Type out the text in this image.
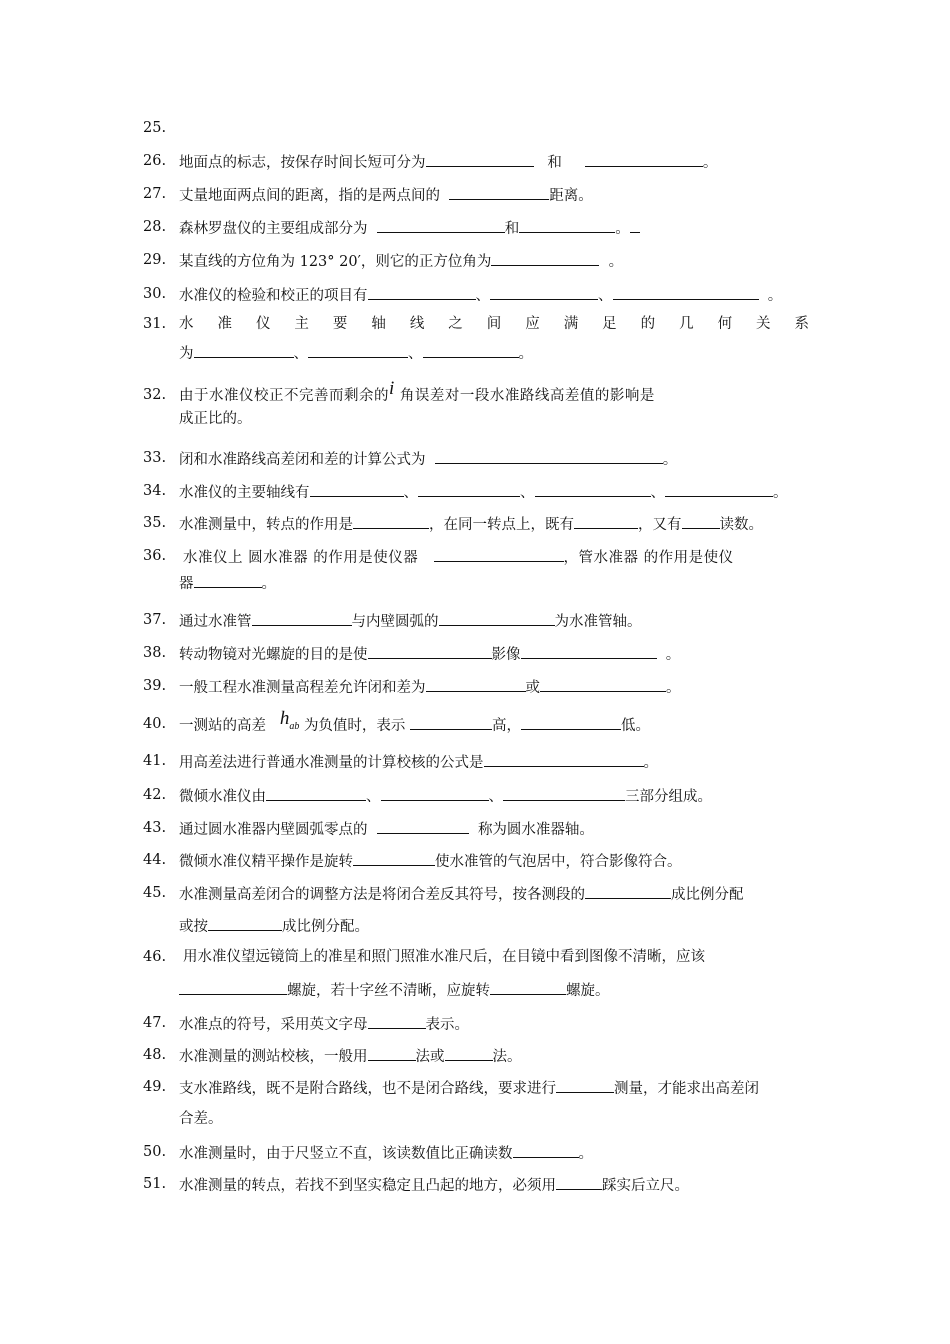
25.
26. 地面点的标志，按保存时间长短可分为	和	。
27. 丈量地面两点间的距离，指的是两点间的	距离。
28. 森林罗盘仪的主要组成部分为	和	。
29. 某直线的方位角为 123° 20′，则它的正方位角为	。
30. 水准仪的检验和校正的项目有	、	、	。
31. 水 准 仪 主 要 轴 线 之 间 应 满 足 的 几 何 关 系
为	、	、	。
32. 由于水准仪校正不完善而剩余的i 角误差对一段水准路线高差值的影响是
成正比的。
33. 闭和水准路线高差闭和差的计算公式为	。
34. 水准仪的主要轴线有	、	、	、	。
35. 水准测量中，转点的作用是	，在同一转点上，既有	，又有	读数。
36. 水准仪上 圆水准器 的作用是使仪器	，管水准器 的作用是使仪
器	。
37. 通过水准管	与内壁圆弧的	为水准管轴。
38. 转动物镜对光螺旋的目的是使	影像	。
39. 一般工程水准测量高程差允许闭和差为	或	。
40. 一测站的高差 $h_{ab}$ 为负值时，表示	高，	低。
41. 用高差法进行普通水准测量的计算校核的公式是	。
42. 微倾水准仪由	、	、	三部分组成。
43. 通过圆水准器内壁圆弧零点的	称为圆水准器轴。
44. 微倾水准仪精平操作是旋转	使水准管的气泡居中，符合影像符合。
45. 水准测量高差闭合的调整方法是将闭合差反其符号，按各测段的	成比例分配
或按	成比例分配。
46. 用水准仪望远镜筒上的准星和照门照准水准尺后，在目镜中看到图像不清晰，应该
螺旋，若十字丝不清晰，应旋转	螺旋。
47. 水准点的符号，采用英文字母	表示。
48. 水准测量的测站校核，一般用	法或	法。
49. 支水准路线，既不是附合路线，也不是闭合路线，要求进行	测量，才能求出高差闭
合差。
50. 水准测量时，由于尺竖立不直，该读数值比正确读数	。
51. 水准测量的转点，若找不到坚实稳定且凸起的地方，必须用	踩实后立尺。
